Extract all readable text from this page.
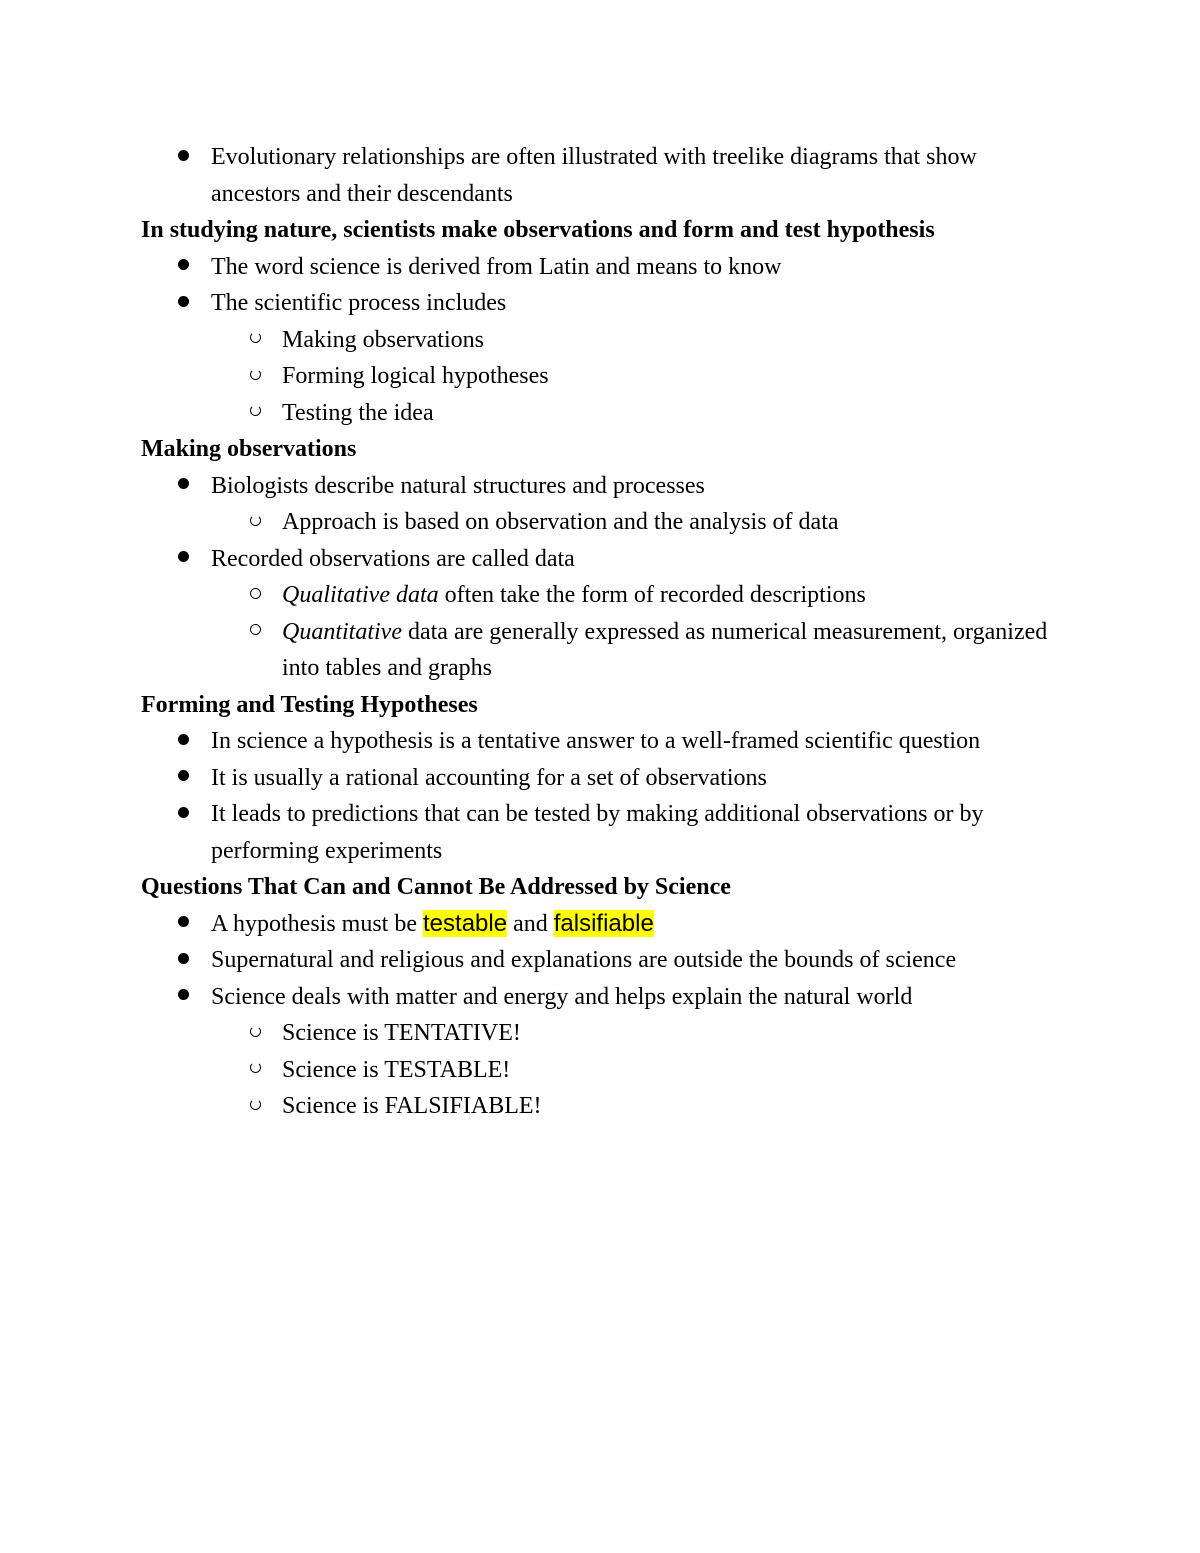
Evolutionary relationships are often illustrated with treelike diagrams that show ancestors and their descendants

In studying nature, scientists make observations and form and test hypothesis

The word science is derived from Latin and means to know
The scientific process includes
Making observations
Forming logical hypotheses
Testing the idea

Making observations

Biologists describe natural structures and processes
Approach is based on observation and the analysis of data
Recorded observations are called data
Qualitative data often take the form of recorded descriptions
Quantitative data are generally expressed as numerical measurement, organized into tables and graphs

Forming and Testing Hypotheses

In science a hypothesis is a tentative answer to a well-framed scientific question
It is usually a rational accounting for a set of observations
It leads to predictions that can be tested by making additional observations or by performing experiments

Questions That Can and Cannot Be Addressed by Science

A hypothesis must be testable and falsifiable
Supernatural and religious and explanations are outside the bounds of science
Science deals with matter and energy and helps explain the natural world
Science is TENTATIVE!
Science is TESTABLE!
Science is FALSIFIABLE!
